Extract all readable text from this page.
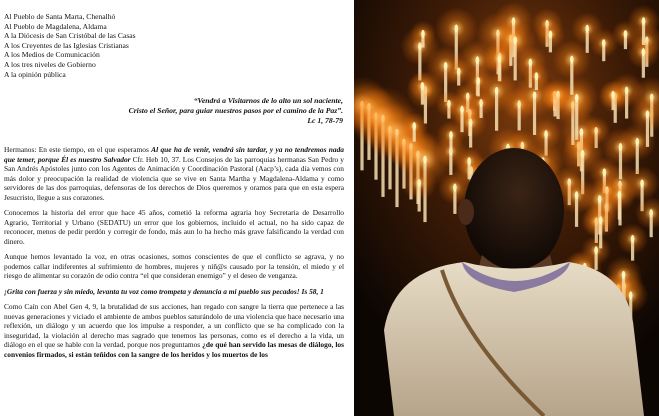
Al Pueblo de Santa Marta, Chenalhó
Al Pueblo de Magdalena, Aldama
A la Diócesis de San Cristóbal de las Casas
A los Creyentes de las Iglesias Cristianas
A los Medios de Comunicación
A los tres niveles de Gobierno
A la opinión pública
“Vendrá a Visitarnos de lo alto un sol naciente,
Cristo el Señor, para guiar nuestros pasos por el camino de la Paz”.
Lc 1, 78-79

Hermanos: En este tiempo, en el que esperamos Al que ha de venir, vendrá sin tardar, y ya no tendremos nada que temer, porque Él es nuestro Salvador Cfr. Heb 10, 37. Los Consejos de las parroquias hermanas San Pedro y San Andrés Apóstoles junto con los Agentes de Animación y Coordinación Pastoral (Aacp’s), cada día vemos con más dolor y preocupación la realidad de violencia que se vive en Santa Martha y Magdalena-Aldama y como servidores de las dos parroquias, defensoras de los derechos de Dios queremos y oramos para que en esta espera Jesucristo, llegue a sus corazones.

Conocemos la historia del error que hace 45 años, cometió la reforma agraria hoy Secretaria de Desarrollo Agrario, Territorial y Urbano (SEDATU) un error que los gobiernos, incluido el actual, no ha sido capaz de reconocer, menos de pedir perdón y corregir de fondo, más aun lo ha hecho más grave falsificando la verdad con dinero.

Aunque hemos levantado la voz, en otras ocasiones, somos conscientes de que el conflicto se agrava, y no podemos callar indiferentes al sufrimiento de hombres, mujeres y niñ@s causado por la tensión, el miedo y el riesgo de alimentar su corazón de odio contra “el que consideran enemigo” y el deseo de venganza.

¡Grita con fuerza y sin miedo, levanta tu voz como trompeta y denuncia a mi pueblo sus pecados! Is 58, 1

Como Caín con Abel Gen 4, 9, la brutalidad de sus acciones, han regado con sangre la tierra que pertenece a las nuevas generaciones y viciado el ambiente de ambos pueblos saturándolo de una violencia que hace necesario una reflexión, un diálogo y un acuerdo que los impulse a responder, a un conflicto que se ha complicado con la inseguridad, la violación al derecho mas sagrado que tenemos las personas, como es el derecho a la vida, un diálogo en el que se hable con la verdad, porque nos preguntamos ¿de qué han servido las mesas de diálogo, los convenios firmados, si están teñidos con la sangre de los heridos y los muertos de los
